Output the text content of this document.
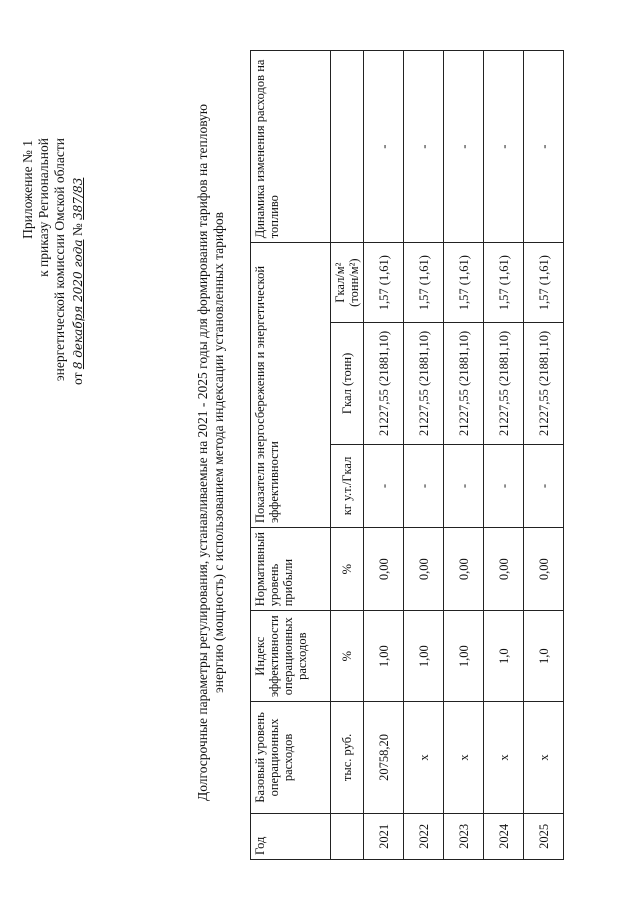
Приложение № 1 к приказу Региональной энергетической комиссии Омской области от 8 декабря 2020 года № 387/83	Долгосрочные параметры регулирования, устанавливаемые на 2021 - 2025 годы для формирования тарифов на тепловую энергию (мощность) с использованием метода индексации установленных тарифов
Год	Базовый уровень операционных расходов	Индекс эффективности операционных расходов	Нормативный уровень прибыли	Показатели энергосбережения и энергетической эффективности			Динамика изменения расходов на топливо
	тыс. руб.	%	%	кг у.т./Гкал	Гкал (тонн)	Гкал/м² (тонн/м²)	
2021	20758,20	1,00	0,00	-	21227,55 (21881,10)	1,57 (1,61)	-
2022	х	1,00	0,00	-	21227,55 (21881,10)	1,57 (1,61)	-
2023	х	1,00	0,00	-	21227,55 (21881,10)	1,57 (1,61)	-
2024	х	1,0	0,00	-	21227,55 (21881,10)	1,57 (1,61)	-
2025	х	1,0	0,00	-	21227,55 (21881,10)	1,57 (1,61)	-
